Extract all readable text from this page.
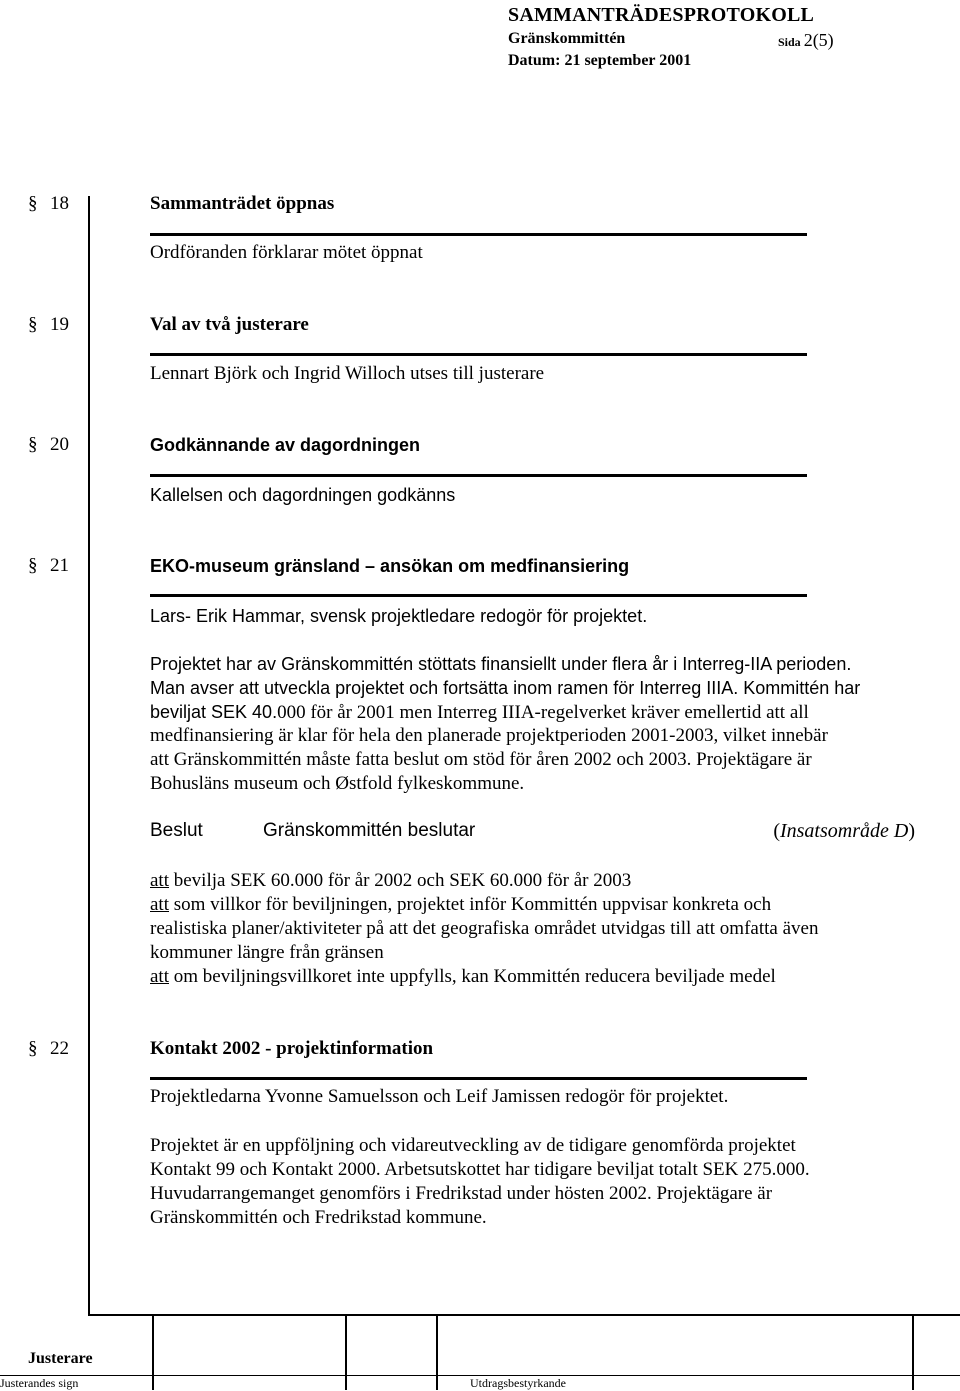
SAMMANTRÄDESPROTOKOLL
Gränskommittén	Sida 2(5)
Datum: 21 september 2001
§ 18	Sammanträdet öppnas
Ordföranden förklarar mötet öppnat
§ 19	Val av två justerare
Lennart Björk och Ingrid Willoch utses till justerare
§ 20	Godkännande av dagordningen
Kallelsen och dagordningen godkänns
§ 21	EKO-museum gränsland – ansökan om medfinansiering
Lars- Erik Hammar, svensk projektledare redogör för projektet.
Projektet har av Gränskommittén stöttats finansiellt under flera år i Interreg-IIA perioden.
Man avser att utveckla projektet och fortsätta inom ramen för Interreg IIIA. Kommittén har
beviljat SEK 40.000 för år 2001 men Interreg IIIA-regelverket kräver emellertid att all
medfinansiering är klar för hela den planerade projektperioden 2001-2003, vilket innebär
att Gränskommittén måste fatta beslut om stöd för åren 2002 och 2003. Projektägare är
Bohusläns museum och Østfold fylkeskommune.
Beslut	Gränskommittén beslutar	(Insatsområde D)
att bevilja SEK 60.000 för år 2002 och SEK 60.000 för år 2003
att som villkor för beviljningen, projektet inför Kommittén uppvisar konkreta och
realistiska planer/aktiviteter på att det geografiska området utvidgas till att omfatta även
kommuner längre från gränsen
att om beviljningsvillkoret inte uppfylls, kan Kommittén reducera beviljade medel
§ 22	Kontakt 2002 - projektinformation
Projektledarna Yvonne Samuelsson och Leif Jamissen redogör för projektet.
Projektet är en uppföljning och vidareutveckling av de tidigare genomförda projektet
Kontakt 99 och Kontakt 2000. Arbetsutskottet har tidigare beviljat totalt SEK 275.000.
Huvudarrangemanget genomförs i Fredrikstad under hösten 2002. Projektägare är
Gränskommittén och Fredrikstad kommune.
Justerare
Justerandes sign	Utdragsbestyrkande
